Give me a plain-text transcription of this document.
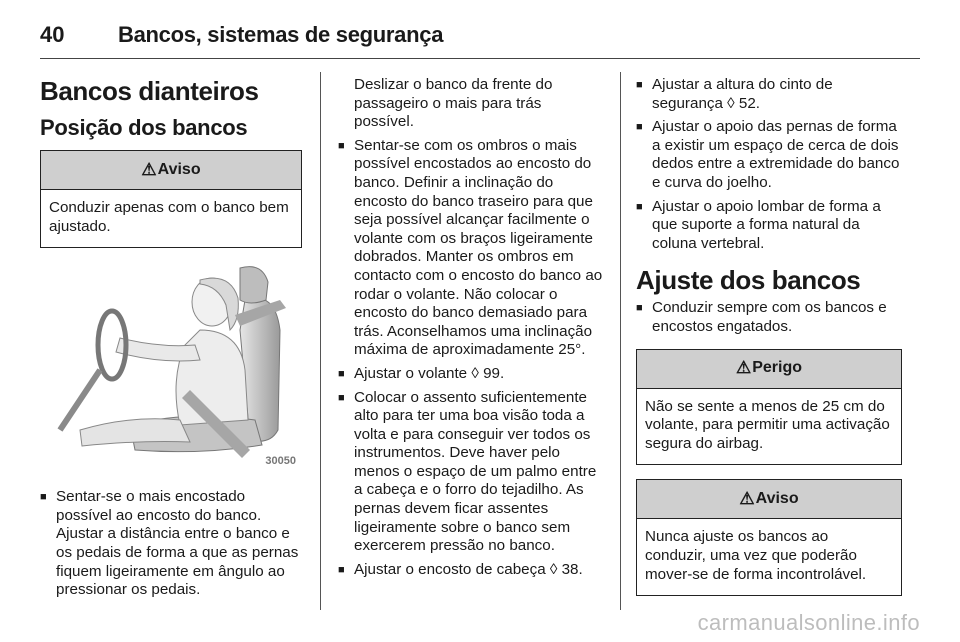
40 Bancos, sistemas de segurança
Bancos dianteiros
Posição dos bancos
⚠ Aviso
Conduzir apenas com o banco bem ajustado.
30050
■ Sentar-se o mais encostado possível ao encosto do banco. Ajustar a distância entre o banco e os pedais de forma a que as pernas fiquem ligeiramente em ângulo ao pressionar os pedais.
Deslizar o banco da frente do passageiro o mais para trás possível.
■ Sentar-se com os ombros o mais possível encostados ao encosto do banco. Definir a inclinação do encosto do banco traseiro para que seja possível alcançar facilmente o volante com os braços ligeiramente dobrados. Manter os ombros em contacto com o encosto do banco ao rodar o volante. Não colocar o encosto do banco demasiado para trás. Aconselhamos uma inclinação máxima de aproximadamente 25°.
■ Ajustar o volante ◊ 99.
■ Colocar o assento suficientemente alto para ter uma boa visão toda a volta e para conseguir ver todos os instrumentos. Deve haver pelo menos o espaço de um palmo entre a cabeça e o forro do tejadilho. As pernas devem ficar assentes ligeiramente sobre o banco sem exercerem pressão no banco.
■ Ajustar o encosto de cabeça ◊ 38.
■ Ajustar a altura do cinto de segurança ◊ 52.
■ Ajustar o apoio das pernas de forma a existir um espaço de cerca de dois dedos entre a extremidade do banco e curva do joelho.
■ Ajustar o apoio lombar de forma a que suporte a forma natural da coluna vertebral.
Ajuste dos bancos
■ Conduzir sempre com os bancos e encostos engatados.
⚠ Perigo
Não se sente a menos de 25 cm do volante, para permitir uma activação segura do airbag.
⚠ Aviso
Nunca ajuste os bancos ao conduzir, uma vez que poderão mover-se de forma incontrolável.
carmanualsonline.info
